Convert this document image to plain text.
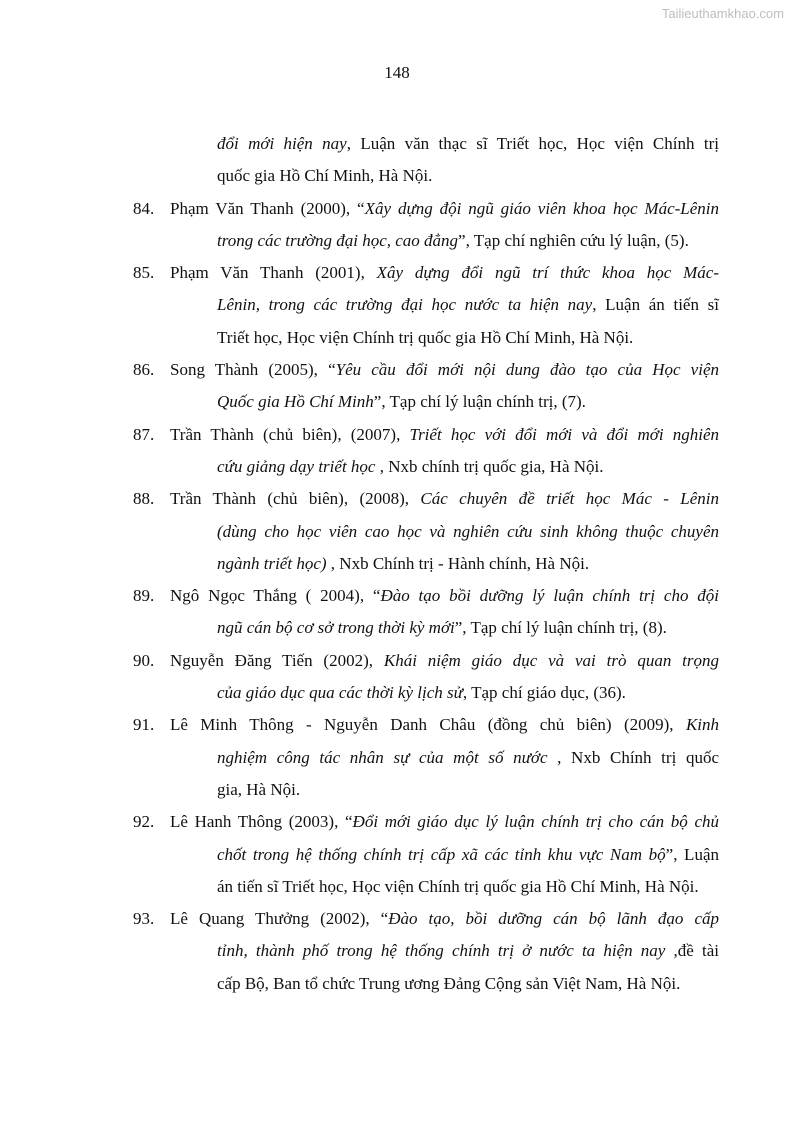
Tailieuthamkhao.com
148
đổi mới hiện nay, Luận văn thạc sĩ Triết học, Học viện Chính trị
quốc gia Hồ Chí Minh, Hà Nội.
84. Phạm Văn Thanh (2000), “Xây dựng đội ngũ giáo viên khoa học Mác-Lênin
trong các trường đại học, cao đẳng”, Tạp chí nghiên cứu lý luận, (5).
85. Phạm Văn Thanh (2001), Xây dựng đổi ngũ trí thức khoa học Mác-
Lênin, trong các trường đại học nước ta hiện nay, Luận án tiến sĩ
Triết học, Học viện Chính trị quốc gia Hồ Chí Minh, Hà Nội.
86. Song Thành (2005), “Yêu cầu đổi mới nội dung đào tạo của Học viện
Quốc gia Hồ Chí Minh”, Tạp chí lý luận chính trị, (7).
87. Trần Thành (chủ biên), (2007), Triết học với đổi mới và đổi mới nghiên
cứu giảng dạy triết học , Nxb chính trị quốc gia, Hà Nội.
88. Trần Thành (chủ biên), (2008), Các chuyên đề triết học Mác - Lênin
(dùng cho học viên cao học và nghiên cứu sinh không thuộc chuyên
ngành triết học) , Nxb Chính trị - Hành chính, Hà Nội.
89. Ngô Ngọc Thắng ( 2004), “Đào tạo bồi dưỡng lý luận chính trị cho đội
ngũ cán bộ cơ sở trong thời kỳ mới”, Tạp chí lý luận chính trị, (8).
90. Nguyễn Đăng Tiến (2002), Khái niệm giáo dục và vai trò quan trọng
của giáo dục qua các thời kỳ lịch sử, Tạp chí giáo dục, (36).
91. Lê Minh Thông - Nguyễn Danh Châu (đồng chủ biên) (2009), Kinh
nghiệm công tác nhân sự của một số nước , Nxb Chính trị quốc
gia, Hà Nội.
92. Lê Hanh Thông (2003), “Đổi mới giáo dục lý luận chính trị cho cán bộ chủ
chốt trong hệ thống chính trị cấp xã các tỉnh khu vực Nam bộ”, Luận
án tiến sĩ Triết học, Học viện Chính trị quốc gia Hồ Chí Minh, Hà Nội.
93. Lê Quang Thưởng (2002), “Đào tạo, bồi dưỡng cán bộ lãnh đạo cấp
tỉnh, thành phố trong hệ thống chính trị ở nước ta hiện nay ,đề tài
cấp Bộ, Ban tổ chức Trung ương Đảng Cộng sản Việt Nam, Hà Nội.
